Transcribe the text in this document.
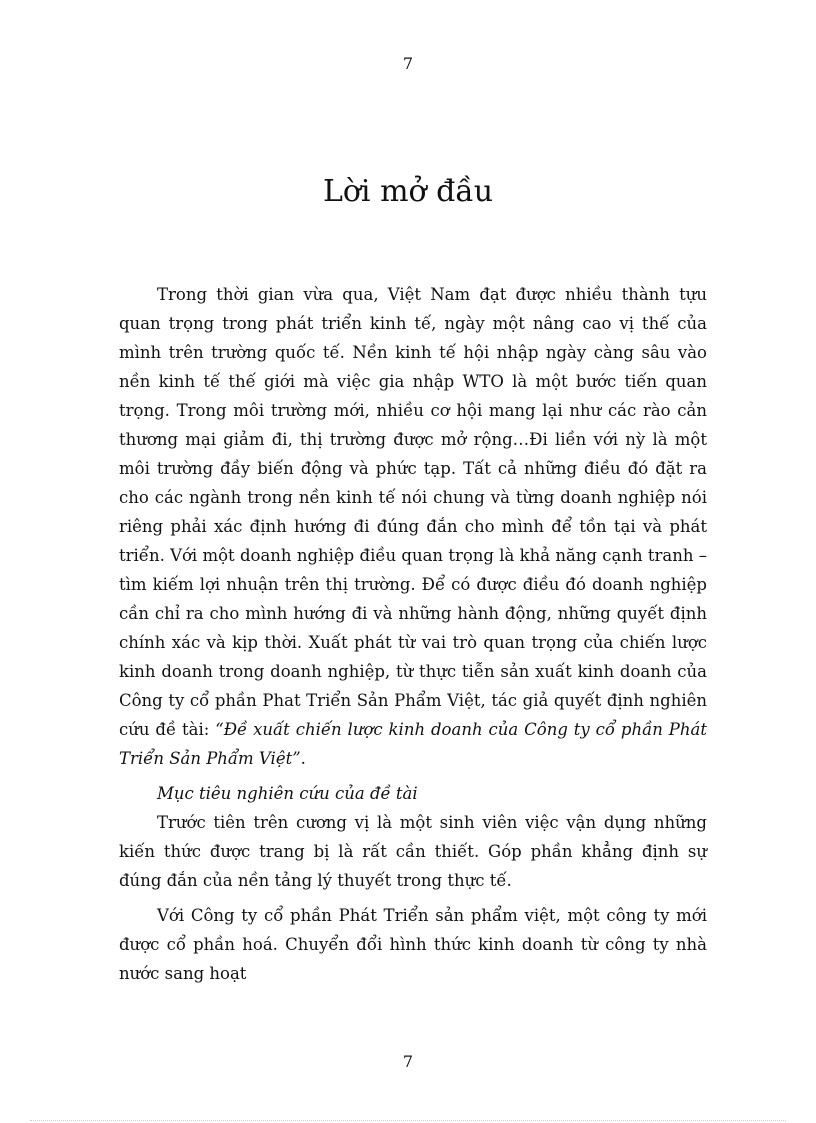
7
Lời mở đầu

Trong thời gian vừa qua, Việt Nam đạt được nhiều thành tựu quan trọng trong phát triển kinh tế, ngày một nâng cao vị thế của mình trên trường quốc tế. Nền kinh tế hội nhập ngày càng sâu vào nền kinh tế thế giới mà việc gia nhập WTO là một bước tiến quan trọng. Trong môi trường mới, nhiều cơ hội mang lại như các rào cản thương mại giảm đi, thị trường được mở rộng…Đi liền với nỳ là một môi trường đầy biến động và phức tạp. Tất cả những điều đó đặt ra cho các ngành trong nền kinh tế nói chung và từng doanh nghiệp nói riêng phải xác định hướng đi đúng đắn cho mình để tồn tại và phát triển. Với một doanh nghiệp điều quan trọng là khả năng cạnh tranh – tìm kiếm lợi nhuận trên thị trường. Để có được điều đó doanh nghiệp cần chỉ ra cho mình hướng đi và những hành động, những quyết định chính xác và kịp thời. Xuất phát từ vai trò quan trọng của chiến lược kinh doanh trong doanh nghiệp, từ thực tiễn sản xuất kinh doanh của Công ty cổ phần Phat Triển Sản Phẩm Việt, tác giả quyết định nghiên cứu đề tài: “Đề xuất chiến lược kinh doanh của Công ty cổ phần Phát Triển Sản Phẩm Việt”.

Mục tiêu nghiên cứu của đề tài

Trước tiên trên cương vị là một sinh viên việc vận dụng những kiến thức được trang bị là rất cần thiết. Góp phần khẳng định sự đúng đắn của nền tảng lý thuyết trong thực tế.

Với Công ty cổ phần Phát Triển sản phẩm việt, một công ty mới được cổ phần hoá. Chuyển đổi hình thức kinh doanh từ công ty nhà nước sang hoạt

7
